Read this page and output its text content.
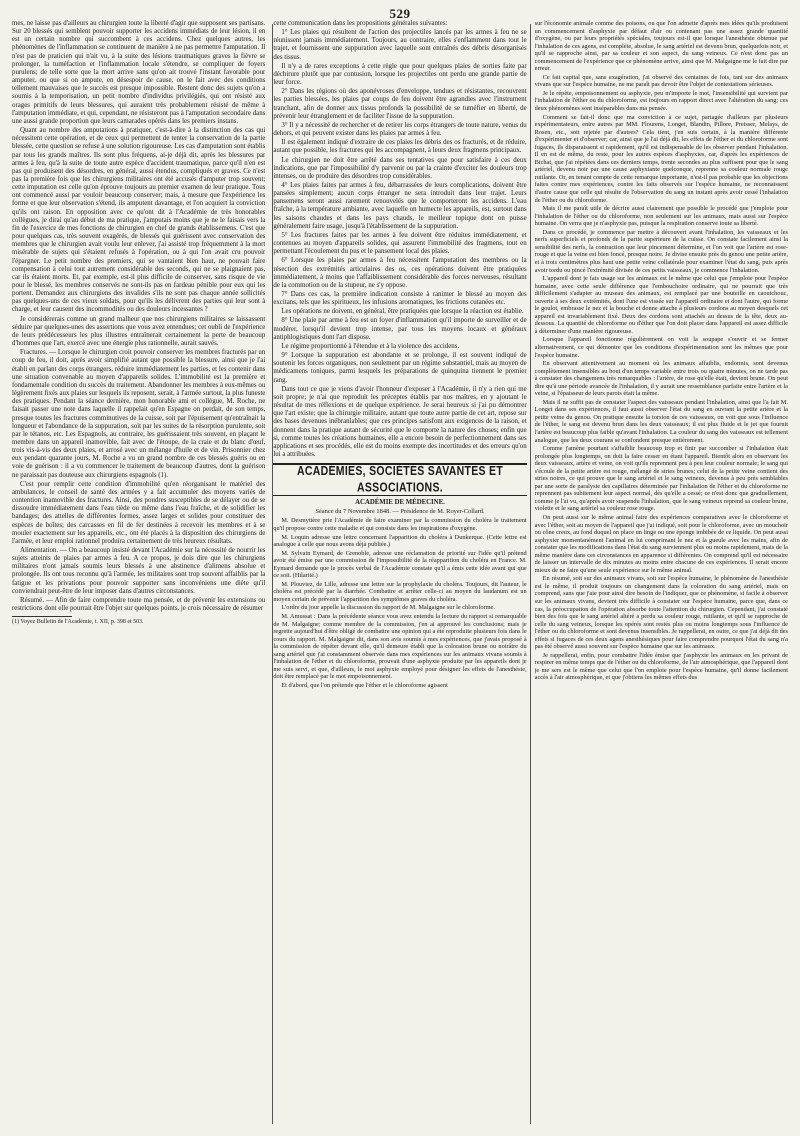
529

mes, ne laisse pas d'ailleurs au chirurgien toute la liberté d'agir que supposent ses partisans. Sur 20 blessés qui semblent pouvoir supporter les accidens immédiats de leur lésion, il en est un certain nombre qui succombent à ces accidens. Chez quelques autres, les phénomènes de l'inflammation se continuent de manière à ne pas permettre l'amputation. Il n'est pas de praticien qui n'ait vu, à la suite des lésions traumatiques graves la fièvre se prolonger, la tuméfaction et l'inflammation locale s'étendre, se compliquer de foyers purulens; de telle sorte que la mort arrive sans qu'on ait trouvé l'instant favorable pour amputer, ou que si on ampute, en désespoir de cause, on le fait avec des conditions tellement mauvaises que le succès est presque impossible. Restent donc des sujets qu'on a soumis à la temporisation, un petit nombre d'individus privilégiés, qui ont résisté aux orages primitifs de leurs blessures, qui auraient très probablement résisté de même à l'amputation immédiate, et qui, cependant, ne résisteront pas à l'amputation secondaire dans une aussi grande proportion que leurs camarades opérés dans les premiers instans.

Quant au nombre des amputations à pratiquer, c'est-à-dire à la distinction des cas qui nécessitent cette opération, et de ceux qui permettent de tenter la conservation de la partie blessée, cette question se refuse à une solution rigoureuse. Les cas d'amputation sont établis par tous les grands maîtres. Ils sont plus fréquens, ai-je déjà dit, après les blessures par armes à feu, qu'à la suite de toute autre espèce d'accident traumatique, parce qu'il n'en est pas qui produisent des désordres, en général, aussi étendus, compliqués et graves. Ce n'est pas la première fois que les chirurgiens militaires ont été accusés d'amputer trop souvent; cette imputation est celle qu'on éprouve toujours au premier examen de leur pratique. Tous ont commencé aussi par vouloir beaucoup conserver; mais, à mesure que l'expérience les forme et que leur observation s'étend, ils amputent davantage, et l'on acquiert la conviction qu'ils ont raison. En opposition avec ce qu'ont dit à l'Académie de très honorables collègues, je dirai qu'au début de ma pratique, j'amputais moins que je ne le faisais vers la fin de l'exercice de mes fonctions de chirurgien en chef de grands établissemens. C'est que pour quelques cas, très souvent exagérés, de blessés qui guérissent avec conservation des membres que le chirurgien avait voulu leur enlever, j'ai assisté trop fréquemment à la mort misérable de sujets qui s'étaient refusés à l'opération, ou à qui l'on avait cru pouvoir l'épargner. Le petit nombre des premiers, qui se vantaient bien haut, ne pouvait faire compensation à celui tout autrement considérable des seconds, qui ne se plaignaient pas, car ils étaient morts. Et, par exemple, est-il plus difficile de conserver, sans risque de vie pour le blessé, les membres conservés ne sont-ils pas en fardeau pénible pour eux qui les portent. Demandez aux chirurgiens des invalides s'ils ne sont pas chaque année sollicités pas quelques-uns de ces vieux soldats, pour qu'ils les délivrent des parties qui leur sont à charge, et leur causent des incommodités ou des douleurs incessantes ?

Je considérerais comme un grand malheur que nos chirurgiens militaires se laissassent séduire par quelques-unes des assertions que vous avez entendues; cet oubli de l'expérience de leurs prédécesseurs les plus illustres entraînerait certainement la perte de beaucoup d'hommes que l'art, exercé avec une énergie plus rationnelle, aurait sauvés.

Fractures. — Lorsque le chirurgien croit pouvoir conserver les membres fracturés par un coup de feu, il doit, après avoir simplifié autant que possible la blessure, ainsi que je l'ai établi en parlant des corps étrangers, réduire immédiatement les parties, et les contenir dans une situation convenable au moyen d'appareils solides. L'immobilité est la première et fondamentale condition du succès du traitement. Abandonner les membres à eux-mêmes ou légèrement fixés aux plaies sur lesquels ils reposent, serait, à l'armée surtout, la plus funeste des pratiques. Pendant la séance dernière, mon honorable ami et collègue, M. Roche, ne faisait passer une note dans laquelle il rappelait qu'en Espagne on perdait, de son temps, presque toutes les fractures comminutives de la cuisse, soit par l'épuisement qu'entraînait la longueur et l'abondance de la suppuration, soit par les suites de la résorption purulente, soit par le tétanos, etc. Les Espagnols, au contraire, les guérissaient très souvent, en plaçant le membre dans un appareil inamovible, fait avec de l'étoupe, de la craie et du blanc d'œuf, trois vis-à-vis des deux plaies, et arrosé avec un mélange d'huile et de vin. Prisonnier chez eux pendant quarante jours, M. Roche a vu un grand nombre de ces blessés guéris ou en voie de guérison : il a vu commencer le traitement de beaucoup d'autres, dont la guérison ne paraissait pas douteuse aux chirurgiens espagnols (1).

C'est pour remplir cette condition d'immobilité qu'en réorganisant le matériel des ambulances, le conseil de santé des armées y a fait accumuler des moyens variés de contention inamovible des fractures. Ainsi, des poudres susceptibles de se délayer ou de se dissoudre immédiatement dans l'eau tiède ou même dans l'eau fraîche, et de solidifier les bandages; des attelles de différentes formes, assez larges et solides pour constituer des espèces de boîtes; des carcasses en fil de fer destinées à recevoir les membres et à se mouler exactement sur les appareils, etc., ont été placés à la disposition des chirurgiens de l'armée, et leur emploi rationnel produira certainement de très heureux résultats.

Alimentation. — On a beaucoup insisté devant l'Académie sur la nécessité de nourrir les sujets atteints de plaies par armes à feu. A ce propos, je dois dire que les chirurgiens militaires n'ont jamais soumis leurs blessés à une abstinence d'alimens absolue et prolongée. Ils ont tous reconnu qu'à l'armée, les militaires sont trop souvent affaiblis par la fatigue et les privations pour pouvoir supporter sans inconvéniens une diète qu'il conviendrait peut-être de leur imposer dans d'autres circonstances.

Résumé. — Afin de faire comprendre toute ma pensée, et de prévenir les extensions ou restrictions dont elle pourrait être l'objet sur quelques points, je crois nécessaire de résumer

(1) Voyez Bulletin de l'Académie, t. XII, p. 398 et 503.

cette communication dans les propositions générales suivantes:

1° Les plaies qui résultent de l'action des projectiles lancés par les armes à feu ne se réunissent jamais immédiatement. Toujours, au contraire, elles s'enflamment dans tout le trajet, et fournissent une suppuration avec laquelle sont entraînés des débris désorganisés des tissus.

Il n'y a de rares exceptions à cette règle que pour quelques plaies de sorties faite par déchirure plutôt que par contusion, lorsque les projectiles ont perdu une grande partie de leur force.

2° Dans les régions où des aponévroses d'enveloppe, tendues et résistantes, recouvrent les parties blessées, les plaies par coups de feu doivent être agrandies avec l'instrument tranchant, afin de donner aux tissus profonds la possibilité de se tuméfier en liberté, de prévenir leur étranglement et de faciliter l'issue de la suppuration.

3° Il y a nécessité de rechercher et de retirer les corps étrangers de toute nature, venus du dehors, et qui peuvent exister dans les plaies par armes à feu.

Il est également indiqué d'extraire de ces plaies les débris des os fracturés, et de réduire, autant que possible, les fractures qui les accompagnent, à leurs deux fragmens principaux.

Le chirurgien ne doit être arrêté dans ses tentatives que pour satisfaire à ces deux indications, que par l'impossibilité d'y parvenir ou par la crainte d'exciter les douleurs trop intenses, ou de produire des désordres trop considérables.

4° Les plaies faites par armes à feu, débarrassées de leurs complications, doivent être pansées simplement; aucun corps étranger ne sera introduit dans leur trajet. Leurs pansemens seront aussi rarement renouvelés que le comporteront les accidens. L'eau fraîche, à la température ambiante, avec laquelle on humecte les appareils, est, surtout dans les saisons chaudes et dans les pays chauds, le meilleur topique dont on puisse généralement faire usage, jusqu'à l'établissement de la suppuration.

5° Les fractures faites par les armes à feu doivent être réduites immédiatement, et contenues au moyen d'appareils solides, qui assurent l'immobilité des fragmens, tout en permettant l'écoulement du pus et le pansement local des plaies.

6° Lorsque les plaies par armes à feu nécessitent l'amputation des membres ou la résection des extrémités articulaires des os, ces opérations doivent être pratiquées immédiatement, à moins que l'affaiblissement considérable des forces nerveuses, résultant de la commotion ou de la stupeur, ne s'y oppose.

7° Dans ces cas, la première indication consiste à ranimer le blessé au moyen des excitans, tels que les spiritueux, les infusions aromatiques, les frictions cutanées etc.

Les opérations ne doivent, en général, être pratiquées que lorsque la réaction est établie.

8° Une plaie par arme à feu est un foyer d'inflammation qu'il importe de surveiller et de modérer, lorsqu'il devient trop intense, par tous les moyens locaux et généraux antiphlogistiques dont l'art dispose.

Le régime proportionné à l'étendue et à la violence des accidens.

9° Lorsque la suppuration est abondante et se prolonge, il est souvent indiqué de soutenir les forces organiques, non seulement par un régime substantiel, mais au moyen de médicamens toniques, parmi lesquels les préparations de quinquina tiennent le premier rang.

Dans tout ce que je viens d'avoir l'honneur d'exposer à l'Académie, il n'y a rien qui me soit propre; je n'ai que reproduit les préceptes établis par nos maîtres, en y ajoutant le résultat de mes réflexions et de quelque expérience. Je serai heureux si j'ai pu démontrer que l'art existe; que la chirurgie militaire, autant que toute autre partie de cet art, repose sur des bases devenues inébranlables; que ces principes satisfont aux exigences de la raison, et donnent dans la pratique autant de sécurité que le comporte la nature des choses; enfin que si, comme toutes les créations humaines, elle a encore besoin de perfectionnement dans ses applications et ses procédés, elle est du moins exempte des incertitudes et des erreurs qu'on lui a attribuées.

ACADÉMIES, SOCIÉTÉS SAVANTES ET ASSOCIATIONS.

ACADÉMIE DE MÉDECINE.

Séance du 7 Novembre 1848. — Présidence de M. Royer-Collard.

M. Desmyttère prie l'Académie de faire examiner par la commission du choléra le traitement qu'il propose contre cette maladie et qui consiste dans les inspirations d'oxygène.

M. Loquin adresse une lettre concernant l'apparition du choléra à Dunkerque. (Cette lettre est analogue à celle que nous avons déjà publiée.)

M. Sylvain Eymard, de Grenoble, adresse une réclamation de priorité sur l'idée qu'il prétend avoir été émise par une commission de l'impossibilité de la réapparition du choléra en France. M. Eymard demande que le procès verbal de l'Académie constate qu'il a émis cette idée avant qui que ce soit. (Hilarité.)

M. Plouviez, de Lille, adresse une lettre sur la prophylaxie du choléra. Toujours, dit l'auteur, le choléra est précédé par la diarrhée. Combattre et arrêter celle-ci au moyen du laudanum est un moyen certain de prévenir l'apparition des symptômes graves du choléra.

L'ordre du jour appelle la discussion du rapport de M. Malgaigne sur le chloroforme.

M. Amussat : Dans la précédente séance vous avez entendu la lecture du rapport si remarquable de M. Malgaigne; comme membre de la commission, j'en ai approuvé les conclusions; mais je regrette aujourd'hui d'être obligé de combattre une opinion qui a été reproduite plusieurs fois dans le cours du rapport. M. Malgaigne dit, dans son avis soumis à mes expériences, que j'avais proposé à la commission de répéter devant elle, qu'il demeure établi que la coloration brune ou noirâtre du sang artériel que j'ai constamment observée dans mes expériences sur les animaux vivans soumis à l'inhalation de l'éther et du chloroforme, prouvait d'une asphyxie produite par les appareils dont je me suis servi, et que, d'ailleurs, le mot asphyxie employé pour désigner les effets de l'anesthésie, doit être remplacé par le mot empoisonnement.

Et d'abord, que l'on prétende que l'éther et le chloroforme agissent

sur l'économie animale comme des poisons, ou que l'on admette d'après mes idées qu'ils produisent un commencement d'asphyxie par défaut d'air ou contenant pas une assez grande quantité d'oxygène, ou par leurs propriétés spéciales, toujours est-il que lorsque l'anesthésie obtenue par l'inhalation de ces agens, est complète, absolue, le sang artériel est devenu brun, quelquefois noir, et qu'il se rapproche ainsi, par sa couleur et son aspect, du sang veineux. Ce n'est donc pas un commencement de l'expérience que ce phénomène arrive, ainsi que M. Malgaigne me le fait dire par erreur.

Ce fait capital que, sans exagération, j'ai observé des centaines de fois, tant sur des animaux vivans que sur l'espèce humaine, ne me paraît pas devoir être l'objet de contestations sérieuses.

Je le répète, empoisonnement ou asphyxie, peu m'importe le mot, l'insensibilité qui survient par l'inhalation de l'éther ou du chloroforme, est toujours en rapport direct avec l'altération du sang; ces deux phénomènes sont inséparables dans ma pensée.

Comment se fait-il donc que ma conviction à ce sujet, partagée d'ailleurs par plusieurs expérimentateurs, entre autres par MM. Flourens, Longet, Blandin, Pillore, Preisser, Melays, de Rosen, etc., soit rejetée par d'autres? Cela tient, j'en suis certain, à la manière différente d'expérimenter et d'observer; car, ainsi que je l'ai déjà dit, les effets de l'éther et du chloroforme sont fugaces, ils disparaissent si rapidement, qu'il est indispensable de les observer pendant l'inhalation. Il en est de même, du reste, pour les autres espèces d'asphyxies, car, d'après les expériences de Bichat, que j'ai répétées dans ces derniers temps, trente secondes au plus suffisent pour que le sang artériel, devenu noir par une cause asphyxiante quelconque, reprenne sa couleur normale rouge rutilante. Or, en tenant compte de cette remarque importante, n'est-il pas probable que les objections faites contre mes expériences, contre les faits observés sur l'espèce humaine, ne reconnaissent d'autre cause que celle qui résulte de l'observation du sang un instant après avoir cessé l'inhalation de l'éther ou du chloroforme.

Mais il me paraît utile de décrire aussi clairement que possible le procédé que j'emploie pour l'inhalation de l'éther ou du chloroforme, non seulement sur les animaux, mais aussi sur l'espèce humaine. On verra que je n'asphyxie pas, puisque la respiration conserve toute sa liberté.

Dans ce procédé, je commence par mettre à découvert avant l'inhalation, les vaisseaux et les nerfs superficiels et profonds de la partie supérieure de la cuisse. On constate facilement ainsi la sensibilité des nerfs, la contraction que leur pincement détermine, et l'on voit que l'artère est rose-rouge et que la veine est bien foncé, presque noire. Je divise ensuite près du genou une petite artère, et à trois centimètres plus haut une petite veine collatérale pour examiner l'état du sang, puis après avoir tordu ou pincé l'extrémité divisée de ces petits vaisseaux, je commence l'inhalation.

L'appareil dont je fais usage sur les animaux est le même que celui que j'emploie pour l'espèce humaine, avec cette seule différence que l'embouchoire ordinaire, qui ne pourrait que très difficilement s'adapter au museau des animaux, est remplacé par une bouteille en caoutchouc, ouverte à ses deux extrémités, dont l'une est vissée sur l'appareil ordinaire et dont l'autre, qui forme le goulot, embrasse le nez et la bouche et donne attache à plusieurs cordons au moyen desquels cet appareil est invariablement fixé. Deux des cordons sont attachés au dessus de la tête, deux au-dessous. La quantité de chloroforme ou d'éther que l'on doit placer dans l'appareil est assez difficile à déterminer d'une manière rigoureuse.

Lorsque l'appareil fonctionne régulièrement on voit la soupape s'ouvrir et se fermer alternativement, ce qui démontre que les conditions d'expérimentation sont les mêmes que pour l'espèce humaine.

En observant attentivement au moment où les animaux affaiblis, endormis, sont devenus complètement insensibles au bout d'un temps variable entre trois ou quatre minutes, on ne tarde pas à constater des changemens très remarquables : l'artère, de rose qu'elle était, devient brune. On peut dire qu'à une période avancée de l'inhalation, il y aurait une ressemblance parfaite entre l'artère et la veine, si l'épaisseur de leurs parois était la même.

Mais il ne suffit pas de constater l'aspect des vaisseaux pendant l'inhalation, ainsi que l'a fait M. Longet dans ses expériences, il faut aussi observer l'état du sang en ouvrant la petite artère et la petite veine du genou. On pratique ensuite la torsion de ces vaisseaux, on voit que sous l'influence de l'éther, le sang est devenu brun dans les deux vaisseaux; il est plus fluide et le jet que fournit l'artère est beaucoup plus faible qu'avant l'inhalation. La couleur du sang des vaisseaux est tellement analogue, que les deux courans se confondent presque entièrement.

Comme j'amène pourtant s'affaiblir beaucoup trop et finir par succomber si l'inhalation était prolongée plus longtemps, on doit la faire cesser en étant l'appareil. Bientôt alors en observant les deux vaisseaux, artère et veine, on voit qu'ils reprennent peu à peu leur couleur normale; le sang qui s'écoule de la petite artère est rouge, mélangé de stries brunes; celui de la petite veine contient des stries noires, ce qui prouve que le sang artériel et le sang veineux, devenus à peu près semblables par une sorte de paralysie des capillaires déterminée par l'inhalation de l'éther et du chloroforme ne reprennent pas subitement leur aspect normal, dès qu'elle a cessé; ce n'est donc que graduellement, comme je l'ai vu, qu'après avoir suspendu l'inhalation, que le sang veineux reprend sa couleur brune, violette et le sang artériel sa couleur rose rouge.

On peut aussi sur le même animal faire des expériences comparatives avec le chloroforme et avec l'éther, soit au moyen de l'appareil que j'ai indiqué, soit pour le chloroforme, avec un mouchoir ou cône creux, au fond duquel on place un linge ou une éponge imbibée de ce liquide. On peut aussi asphyxier momentanément l'animal en lui comprimant le nez et la gueule avec les mains, afin de constater que les modifications dans l'état du sang surviennent plus ou moins rapidement, mais de la même manière dans ces circonstances en apparence si différentes. On comprend qu'il est nécessaire de laisser un intervalle de dix minutes au moins entre chacune de ces expériences. Il serait encore mieux de ne faire qu'une seule expérience sur le même animal.

En résumé, soit sur des animaux vivans, soit sur l'espèce humaine, le phénomène de l'anesthésie est le même, il produit toujours un changement dans la coloration du sang artériel, mais on comprend, sans que j'aie pour ainsi dire besoin de l'indiquer, que ce phénomène, si facile à observer sur les animaux vivans, devient très difficile à constater sur l'espèce humaine, parce que, dans ce cas, la préoccupation de l'opération absorbe toute l'attention du chirurgien. Cependant, j'ai constaté bien des fois que le sang artériel altéré a perdu sa couleur rouge, rutilante, et qu'il se rapproche de celle du sang veineux, lorsque les opérés sont restés plus ou moins longtemps sous l'influence de l'éther ou du chloroforme et sont devenus insensibles. Je rappellerai, en outre, ce que j'ai déjà dit des effets si fugaces de ces deux agens anesthésiques pour faire comprendre pourquoi l'état du sang n'a pas été observé aussi souvent sur l'espèce humaine que sur les animaux.

Je rappellerai, enfin, pour combattre l'idée émise que j'asphyxie les animaux en les privant de respirer en même temps que de l'éther ou du chloroforme, de l'air atmosphérique, que l'appareil dont je me sers est le même que celui que l'on emploie pour l'espèce humaine, qu'il donne facilement accès à l'air atmosphérique, et que j'obtiens les mêmes effets dus
